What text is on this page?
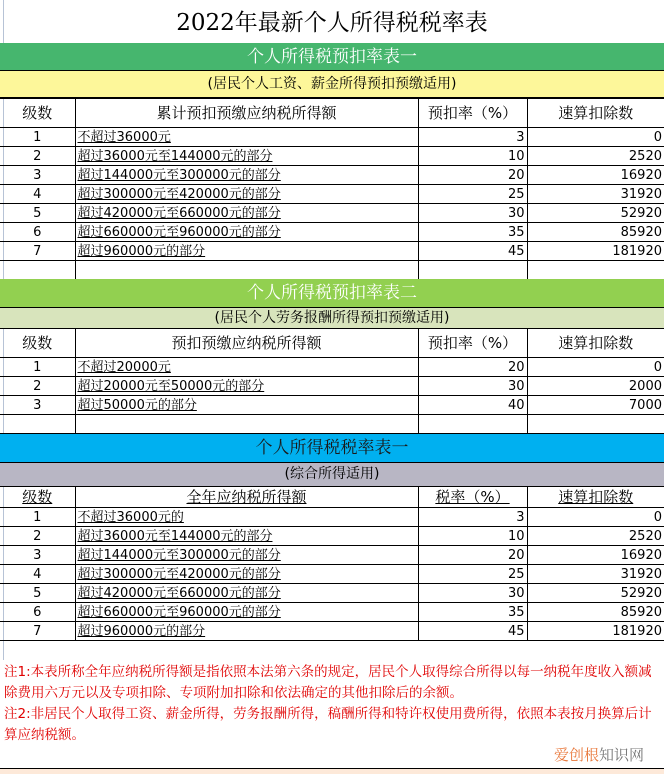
2022年最新个人所得税税率表
个人所得税预扣率表一
(居民个人工资、薪金所得预扣预缴适用)
级数	累计预扣预缴应纳税所得额	预扣率（%）	速算扣除数
1	不超过36000元	3	0
2	超过36000元至144000元的部分	10	2520
3	超过144000元至300000元的部分	20	16920
4	超过300000元至420000元的部分	25	31920
5	超过420000元至660000元的部分	30	52920
6	超过660000元至960000元的部分	35	85920
7	超过960000元的部分	45	181920

个人所得税预扣率表二
(居民个人劳务报酬所得预扣预缴适用)
级数	预扣预缴应纳税所得额	预扣率（%）	速算扣除数
1	不超过20000元	20	0
2	超过20000元至50000元的部分	30	2000
3	超过50000元的部分	40	7000

个人所得税税率表一
(综合所得适用)
级数	全年应纳税所得额	税率（%）	速算扣除数
1	不超过36000元的	3	0
2	超过36000元至144000元的部分	10	2520
3	超过144000元至300000元的部分	20	16920
4	超过300000元至420000元的部分	25	31920
5	超过420000元至660000元的部分	30	52920
6	超过660000元至960000元的部分	35	85920
7	超过960000元的部分	45	181920

注1:本表所称全年应纳税所得额是指依照本法第六条的规定，居民个人取得综合所得以每一纳税年度收入额减除费用六万元以及专项扣除、专项附加扣除和依法确定的其他扣除后的余额。

注2:非居民个人取得工资、薪金所得，劳务报酬所得，稿酬所得和特许权使用费所得，依照本表按月换算后计算应纳税额。

爱创根知识网
